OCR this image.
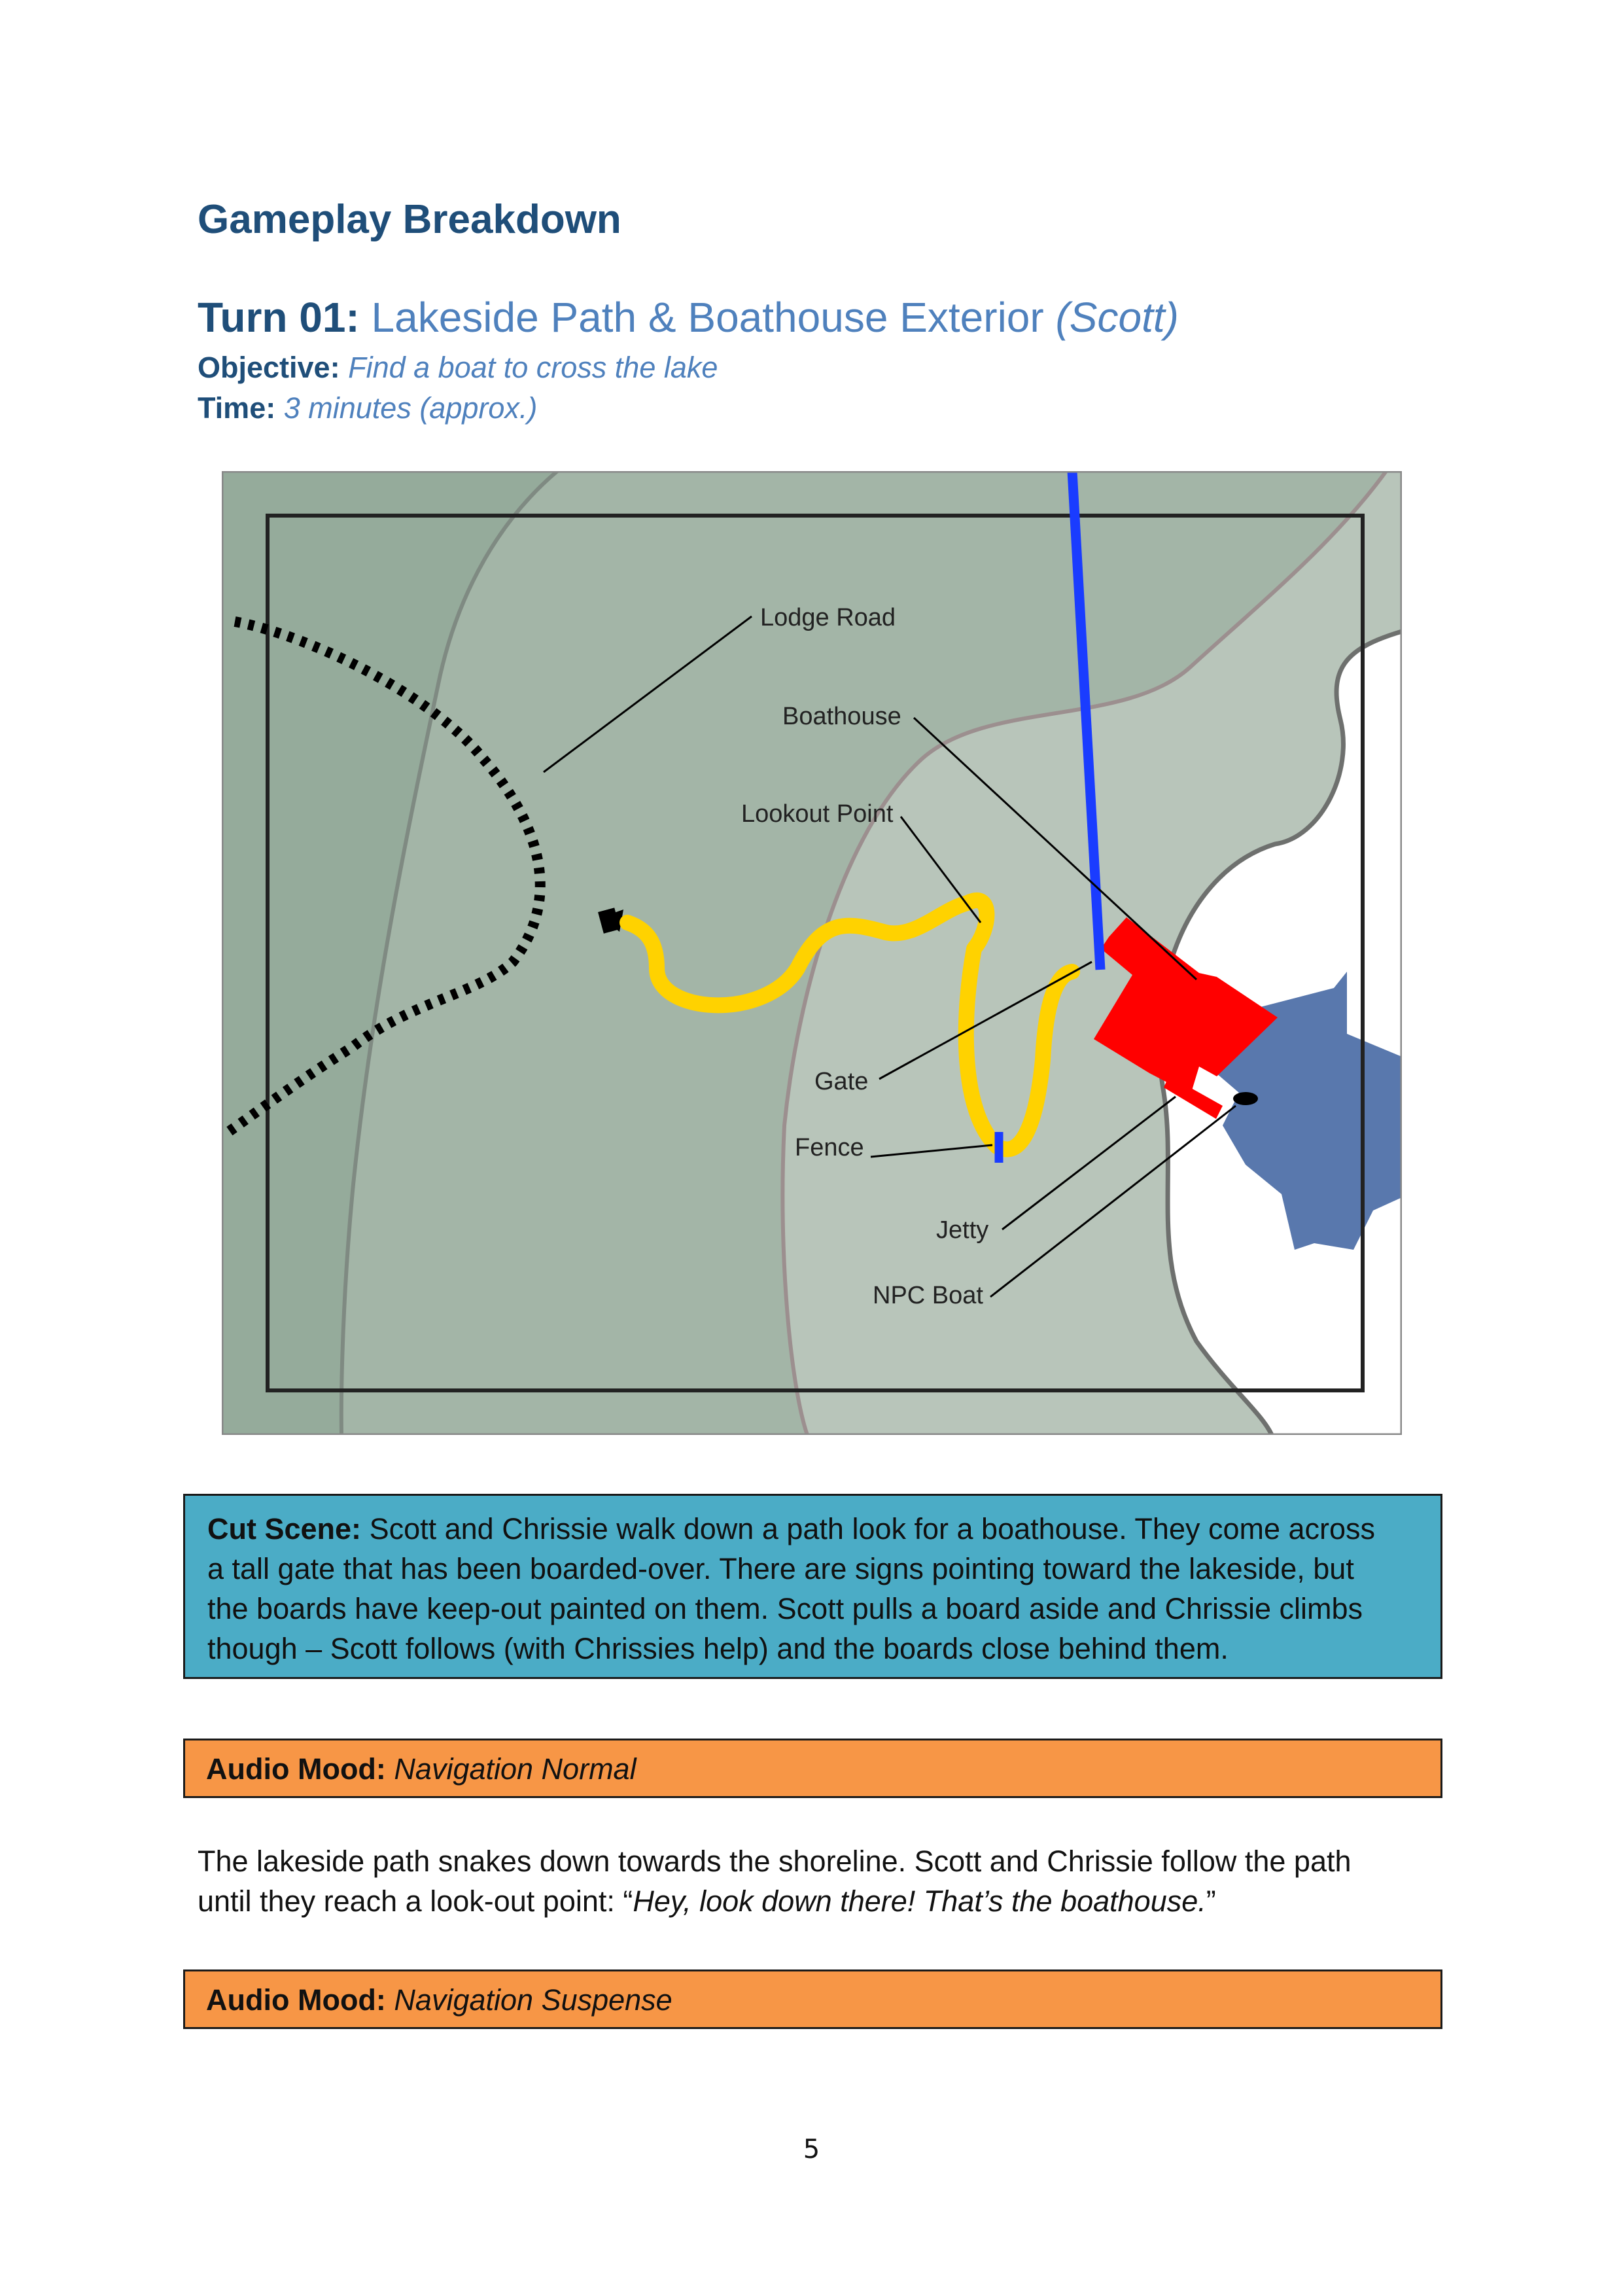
Gameplay Breakdown
Turn 01: Lakeside Path & Boathouse Exterior (Scott)
Objective: Find a boat to cross the lake
Time: 3 minutes (approx.)
Lodge Road
Boathouse
Lookout Point
Gate
Fence
Jetty
NPC Boat
Cut Scene: Scott and Chrissie walk down a path look for a boathouse. They come across
a tall gate that has been boarded-over. There are signs pointing toward the lakeside, but
the boards have keep-out painted on them. Scott pulls a board aside and Chrissie climbs
though – Scott follows (with Chrissies help) and the boards close behind them.
Audio Mood: Navigation Normal
The lakeside path snakes down towards the shoreline. Scott and Chrissie follow the path
until they reach a look-out point: “Hey, look down there! That’s the boathouse.”
Audio Mood: Navigation Suspense
5
